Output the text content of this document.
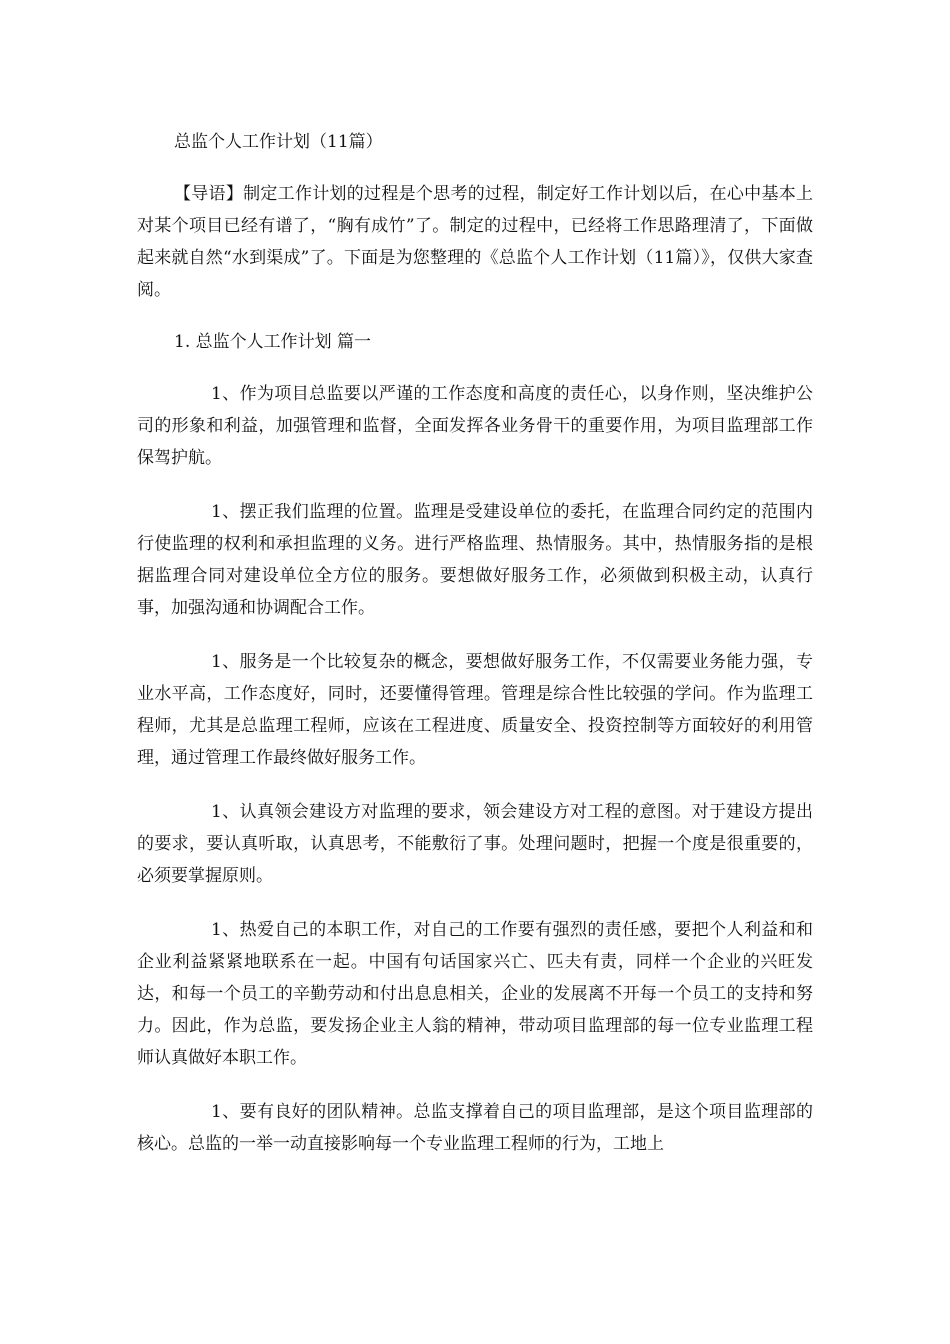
总监个人工作计划（11篇）

【导语】制定工作计划的过程是个思考的过程，制定好工作计划以后，在心中基本上对某个项目已经有谱了，“胸有成竹”了。制定的过程中，已经将工作思路理清了，下面做起来就自然“水到渠成”了。下面是为您整理的《总监个人工作计划（11篇）》，仅供大家查阅。

1. 总监个人工作计划 篇一

1、作为项目总监要以严谨的工作态度和高度的责任心，以身作则，坚决维护公司的形象和利益，加强管理和监督，全面发挥各业务骨干的重要作用，为项目监理部工作保驾护航。

1、摆正我们监理的位置。监理是受建设单位的委托，在监理合同约定的范围内行使监理的权利和承担监理的义务。进行严格监理、热情服务。其中，热情服务指的是根据监理合同对建设单位全方位的服务。要想做好服务工作，必须做到积极主动，认真行事，加强沟通和协调配合工作。

1、服务是一个比较复杂的概念，要想做好服务工作，不仅需要业务能力强，专业水平高，工作态度好，同时，还要懂得管理。管理是综合性比较强的学问。作为监理工程师，尤其是总监理工程师，应该在工程进度、质量安全、投资控制等方面较好的利用管理，通过管理工作最终做好服务工作。

1、认真领会建设方对监理的要求，领会建设方对工程的意图。对于建设方提出的要求，要认真听取，认真思考，不能敷衍了事。处理问题时，把握一个度是很重要的，必须要掌握原则。

1、热爱自己的本职工作，对自己的工作要有强烈的责任感，要把个人利益和和企业利益紧紧地联系在一起。中国有句话国家兴亡、匹夫有责，同样一个企业的兴旺发达，和每一个员工的辛勤劳动和付出息息相关，企业的发展离不开每一个员工的支持和努力。因此，作为总监，要发扬企业主人翁的精神，带动项目监理部的每一位专业监理工程师认真做好本职工作。

1、要有良好的团队精神。总监支撑着自己的项目监理部，是这个项目监理部的核心。总监的一举一动直接影响每一个专业监理工程师的行为，工地上
